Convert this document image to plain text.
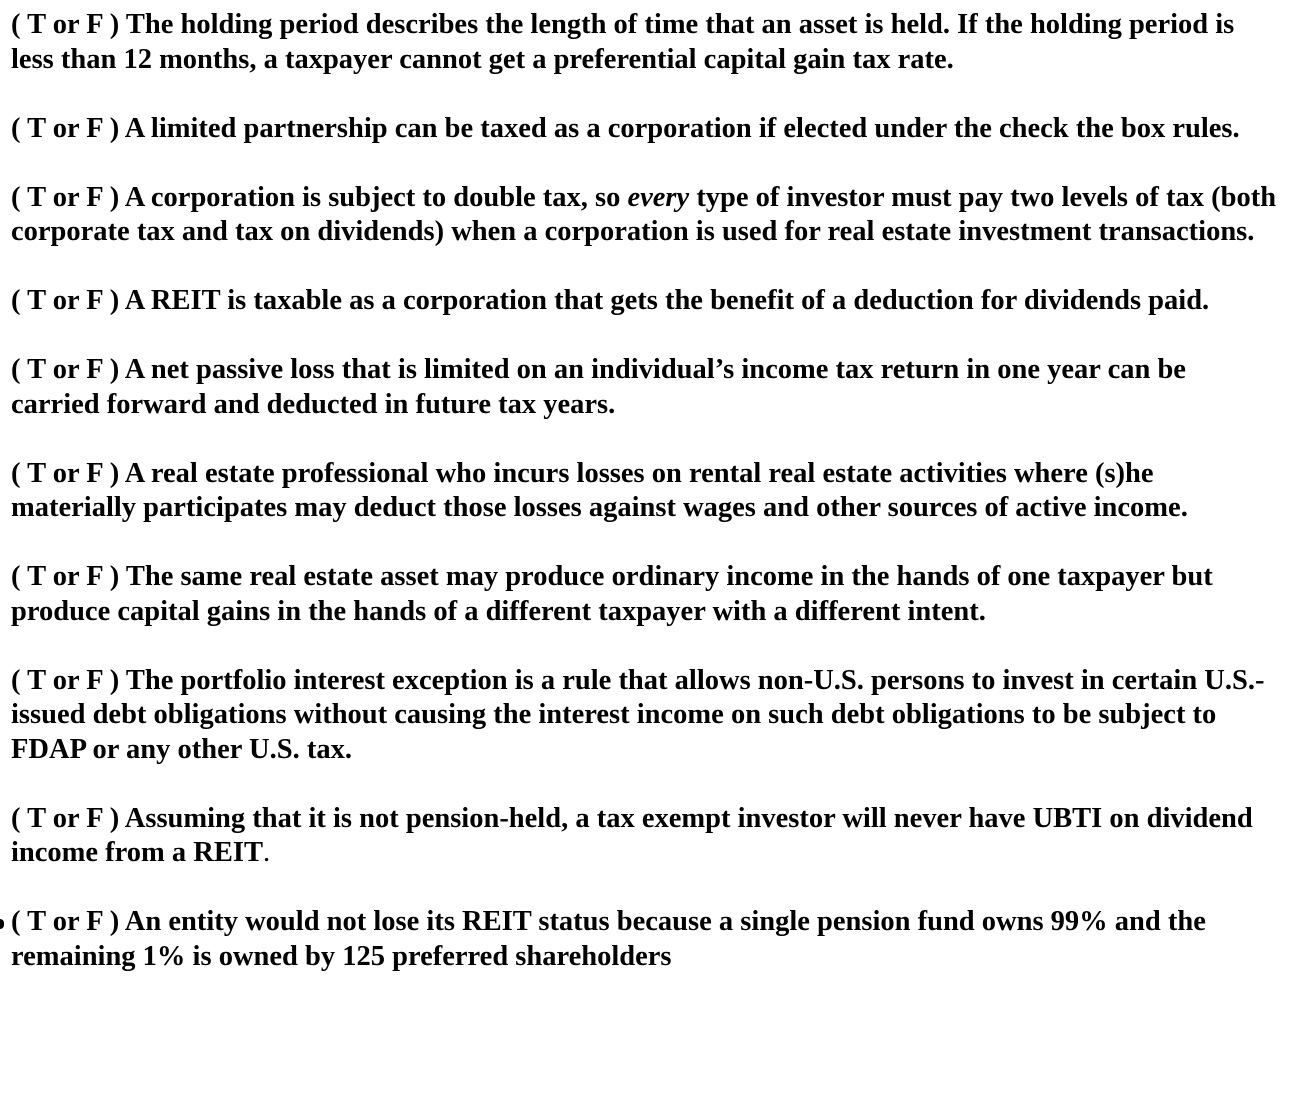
( T or F ) The holding period describes the length of time that an asset is held. If the holding period is less than 12 months, a taxpayer cannot get a preferential capital gain tax rate.

( T or F ) A limited partnership can be taxed as a corporation if elected under the check the box rules.

( T or F ) A corporation is subject to double tax, so every type of investor must pay two levels of tax (both corporate tax and tax on dividends) when a corporation is used for real estate investment transactions.

( T or F ) A REIT is taxable as a corporation that gets the benefit of a deduction for dividends paid.

( T or F ) A net passive loss that is limited on an individual’s income tax return in one year can be carried forward and deducted in future tax years.

( T or F ) A real estate professional who incurs losses on rental real estate activities where (s)he materially participates may deduct those losses against wages and other sources of active income.

( T or F ) The same real estate asset may produce ordinary income in the hands of one taxpayer but produce capital gains in the hands of a different taxpayer with a different intent.

( T or F ) The portfolio interest exception is a rule that allows non-U.S. persons to invest in certain U.S.-issued debt obligations without causing the interest income on such debt obligations to be subject to FDAP or any other U.S. tax.

( T or F ) Assuming that it is not pension-held, a tax exempt investor will never have UBTI on dividend income from a REIT.

( T or F ) An entity would not lose its REIT status because a single pension fund owns 99% and the remaining 1% is owned by 125 preferred shareholders
